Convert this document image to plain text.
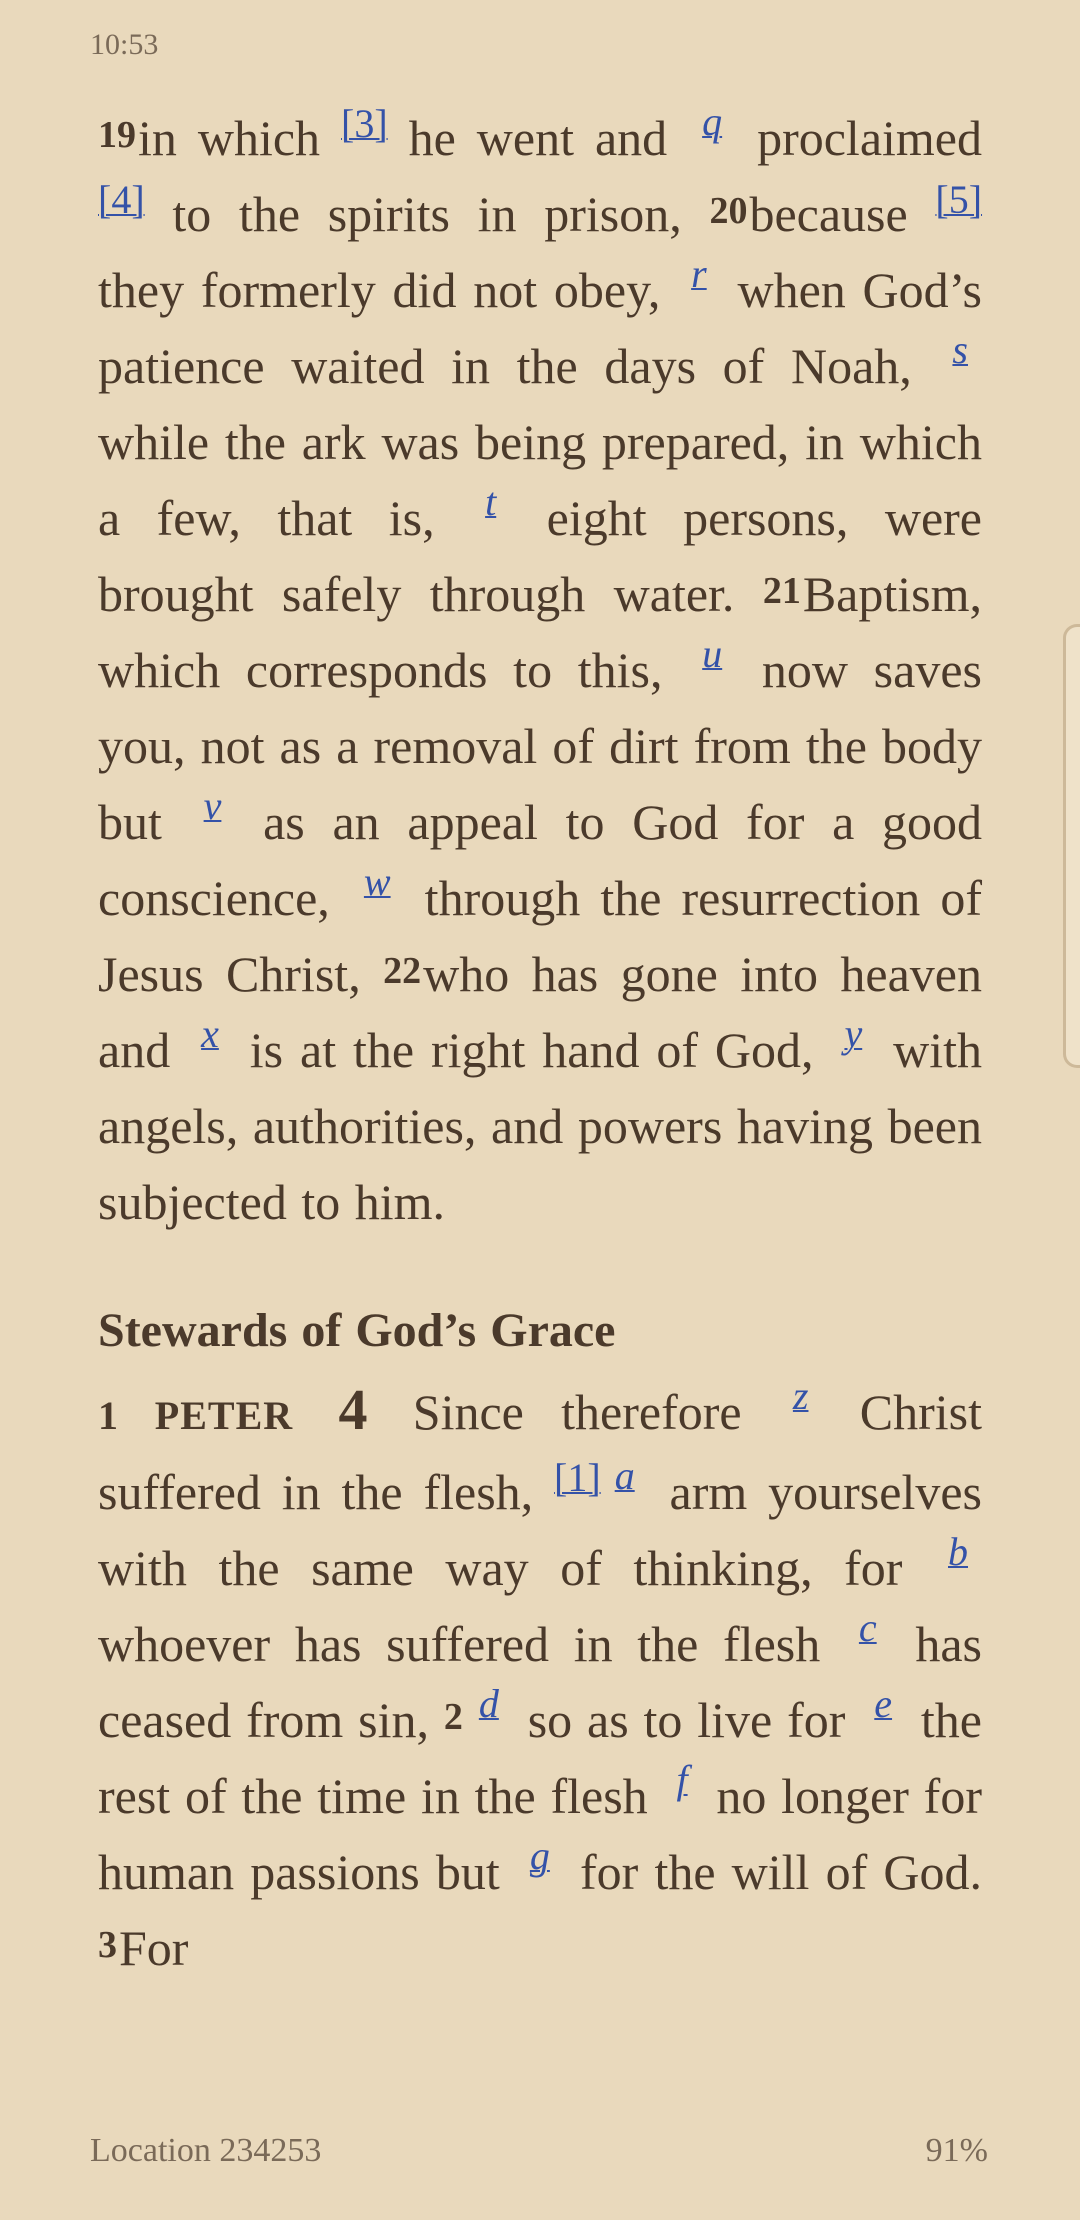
10:53

19in which [3] he went and $^q$ proclaimed [4] to the spirits in prison, 20because [5] they formerly did not obey, $^r$ when God’s patience waited in the days of Noah, $^s$ while the ark was being prepared, in which a few, that is, $^t$ eight persons, were brought safely through water. 21Baptism, which corresponds to this, $^u$ now saves you, not as a removal of dirt from the body but $^v$ as an appeal to God for a good conscience, $^w$ through the resurrection of Jesus Christ, 22who has gone into heaven and $^x$ is at the right hand of God, $^y$ with angels, authorities, and powers having been subjected to him.

Stewards of God’s Grace

1 PETER 4 Since therefore $^z$ Christ suffered in the flesh, [1] $^a$ arm yourselves with the same way of thinking, for $^b$ whoever has suffered in the flesh $^c$ has ceased from sin, 2 $^d$ so as to live for $^e$ the rest of the time in the flesh $^f$ no longer for human passions but $^g$ for the will of God. 3For

Location 234253	91%
